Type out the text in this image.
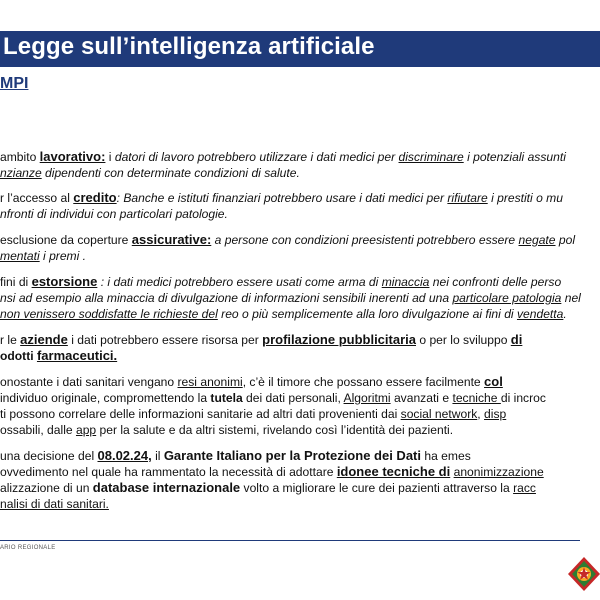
Legge sull’intelligenza artificiale
MPI
ambito lavorativo: i datori di lavoro potrebbero utilizzare i dati medici per discriminare i potenziali assunti
nzianze dipendenti con determinate condizioni di salute.
r l’accesso al credito: Banche e istituti finanziari potrebbero usare i dati medici per rifiutare i prestiti o mu
nfronti di individui con particolari patologie.
esclusione da coperture assicurative: a persone con condizioni preesistenti potrebbero essere negate pol
mentati i premi .
fini di estorsione : i dati medici potrebbero essere usati come arma di minaccia nei confronti delle perso
nsi ad esempio alla minaccia di divulgazione di informazioni sensibili inerenti ad una particolare patologia nel
non venissero soddisfatte le richieste del reo o più semplicemente alla loro divulgazione ai fini di vendetta.
r le aziende i dati potrebbero essere risorsa per profilazione pubblicitaria o per lo sviluppo di
odotti farmaceutici.
onostante i dati sanitari vengano resi anonimi, c’è il timore che possano essere facilmente col
individuo originale, compromettendo la tutela dei dati personali, Algoritmi avanzati e tecniche di incroc
ti possono correlare delle informazioni sanitarie ad altri dati provenienti dai social network, disp
ossabili, dalle app per la salute e da altri sistemi, rivelando così l’identità dei pazienti.
una decisione del 08.02.24, il Garante Italiano per la Protezione dei Dati ha emes
ovvedimento nel quale ha rammentato la necessità di adottare idonee tecniche di anonimizzazione
alizzazione di un database internazionale volto a migliorare le cure dei pazienti attraverso la racc
nalisi di dati sanitari.
ARIO REGIONALE
